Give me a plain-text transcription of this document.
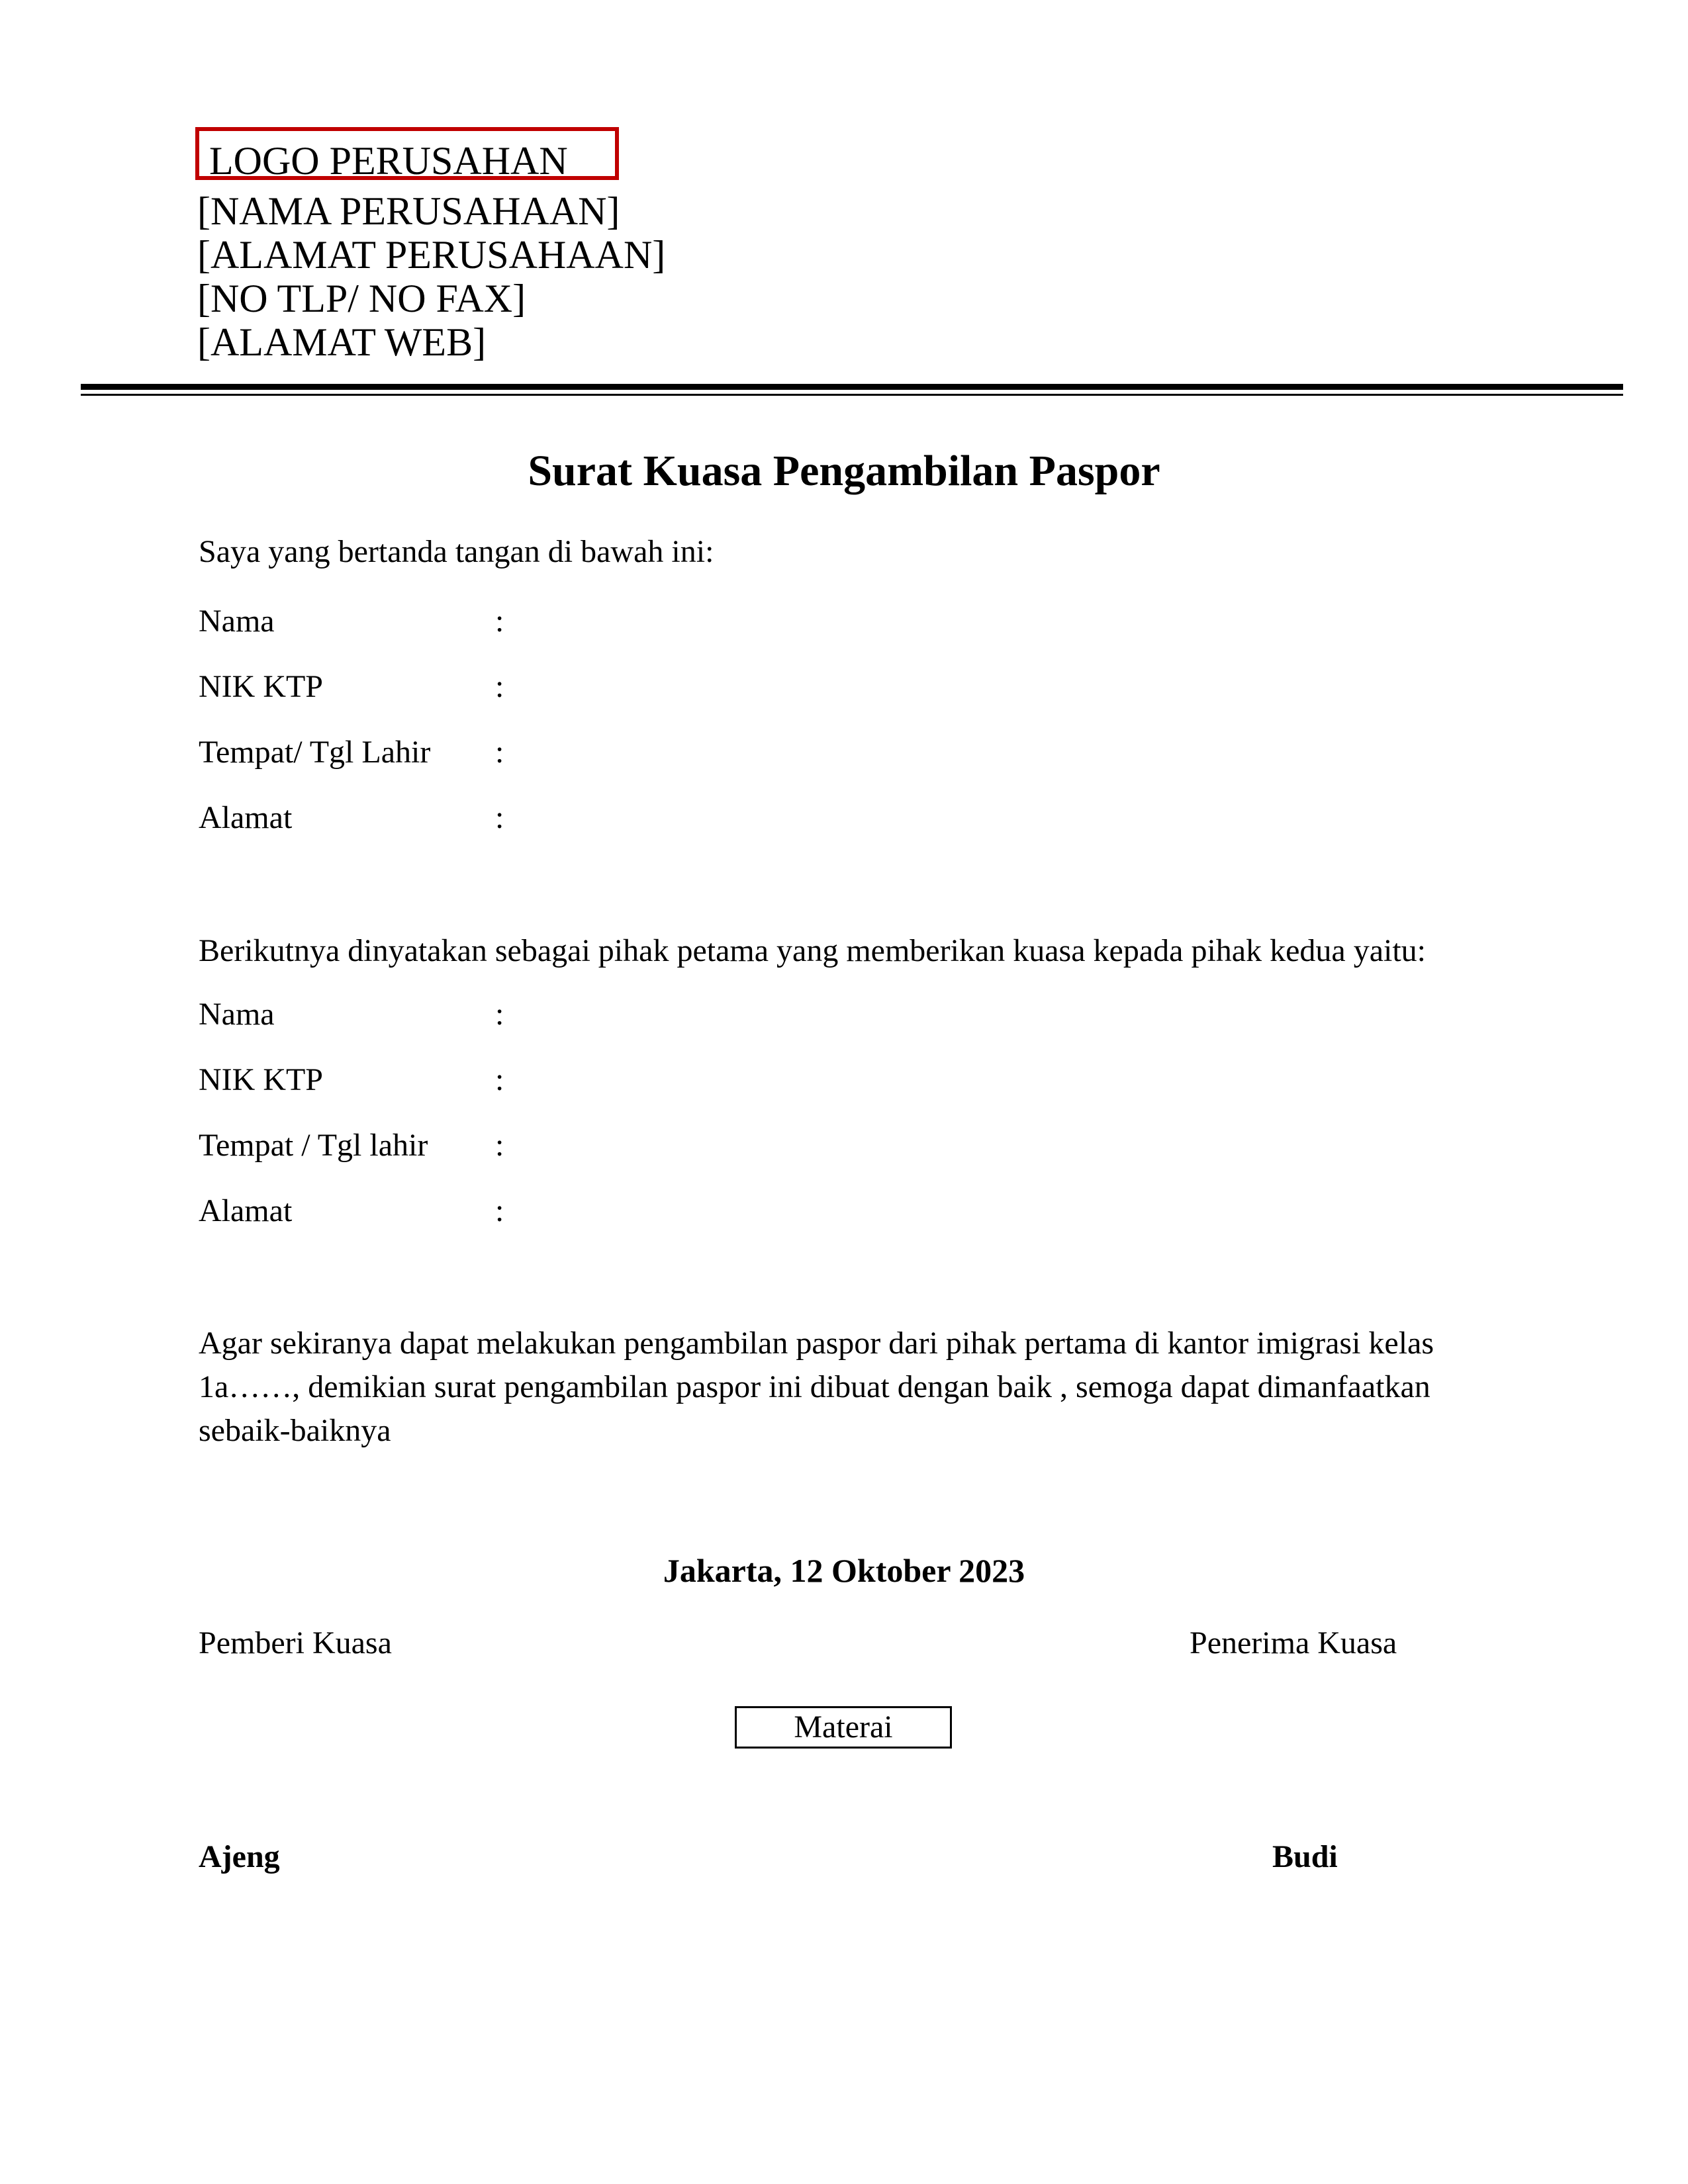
LOGO PERUSAHAN
[NAMA PERUSAHAAN]
[ALAMAT PERUSAHAAN]
[NO TLP/ NO FAX]
[ALAMAT WEB]
Surat Kuasa Pengambilan Paspor
Saya yang bertanda tangan di bawah ini:
Nama	:
NIK KTP	:
Tempat/ Tgl Lahir :
Alamat	:
Berikutnya dinyatakan sebagai pihak petama yang memberikan kuasa kepada pihak kedua yaitu:
Nama	:
NIK KTP	:
Tempat / Tgl lahir :
Alamat	:
Agar sekiranya dapat melakukan pengambilan paspor dari pihak pertama di kantor imigrasi kelas 1a……, demikian surat pengambilan paspor ini dibuat dengan baik , semoga dapat dimanfaatkan sebaik-baiknya
Jakarta, 12 Oktober 2023
Pemberi Kuasa	Penerima Kuasa
Materai
Ajeng	Budi
